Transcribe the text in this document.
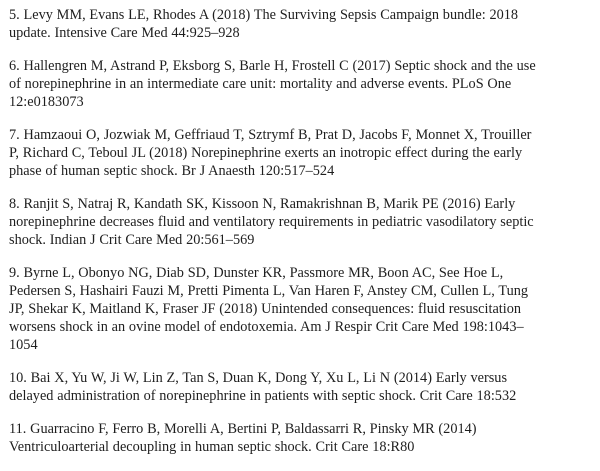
5. Levy MM, Evans LE, Rhodes A (2018) The Surviving Sepsis Campaign bundle: 2018
update. Intensive Care Med 44:925–928
6. Hallengren M, Astrand P, Eksborg S, Barle H, Frostell C (2017) Septic shock and the use
of norepinephrine in an intermediate care unit: mortality and adverse events. PLoS One
12:e0183073
7. Hamzaoui O, Jozwiak M, Geffriaud T, Sztrymf B, Prat D, Jacobs F, Monnet X, Trouiller
P, Richard C, Teboul JL (2018) Norepinephrine exerts an inotropic effect during the early
phase of human septic shock. Br J Anaesth 120:517–524
8. Ranjit S, Natraj R, Kandath SK, Kissoon N, Ramakrishnan B, Marik PE (2016) Early
norepinephrine decreases fluid and ventilatory requirements in pediatric vasodilatory septic
shock. Indian J Crit Care Med 20:561–569
9. Byrne L, Obonyo NG, Diab SD, Dunster KR, Passmore MR, Boon AC, See Hoe L,
Pedersen S, Hashairi Fauzi M, Pretti Pimenta L, Van Haren F, Anstey CM, Cullen L, Tung
JP, Shekar K, Maitland K, Fraser JF (2018) Unintended consequences: fluid resuscitation
worsens shock in an ovine model of endotoxemia. Am J Respir Crit Care Med 198:1043–
1054
10. Bai X, Yu W, Ji W, Lin Z, Tan S, Duan K, Dong Y, Xu L, Li N (2014) Early versus
delayed administration of norepinephrine in patients with septic shock. Crit Care 18:532
11. Guarracino F, Ferro B, Morelli A, Bertini P, Baldassarri R, Pinsky MR (2014)
Ventriculoarterial decoupling in human septic shock. Crit Care 18:R80
